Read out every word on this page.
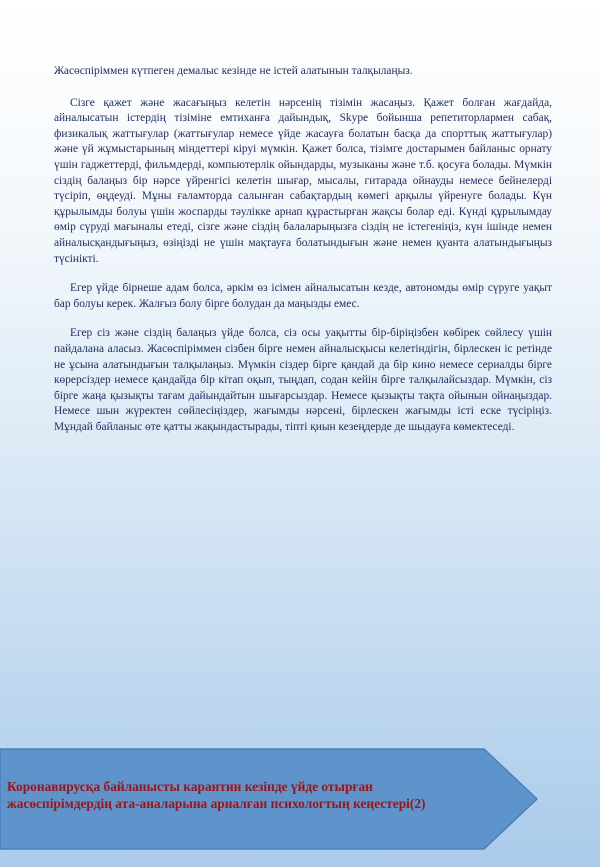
Жасөспіріммен күтпеген демалыс кезінде не істей алатынын талқылаңыз.

Сізге қажет және жасағыңыз келетін нәрсенің тізімін жасаңыз. Қажет болған жағдайда, айналысатын істердің тізіміне емтиханға дайындық, Skype бойынша репетиторлармен сабақ, физикалық жаттығулар (жаттығулар немесе үйде жасауға болатын басқа да спорттық жаттығулар) және үй жұмыстарының міндеттері кіруі мүмкін. Қажет болса, тізімге достарымен байланыс орнату үшін гаджеттерді, фильмдерді, компьютерлік ойындарды, музыканы және т.б. қосуға болады. Мүмкін сіздің балаңыз бір нәрсе үйренгісі келетін шығар, мысалы, гитарада ойнауды немесе бейнелерді түсіріп, өңдеуді. Мұны ғаламторда салынған сабақтардың көмегі арқылы үйренуге болады. Күн құрылымды болуы үшін жоспарды тәулікке арнап құрастырған жақсы болар еді. Күнді құрылымдау өмір сүруді мағыналы етеді, сізге және сіздің балаларыңызға сіздің не істегеніңіз, күн ішінде немен айналысқандығыңыз, өзіңізді не үшін мақтауға болатындығын және немен қуанта алатындығыңыз түсінікті.

Егер үйде бірнеше адам болса, әркім өз ісімен айналысатын кезде, автономды өмір сүруге уақыт бар болуы керек. Жалғыз болу бірге болудан да маңызды емес.

Егер сіз және сіздің балаңыз үйде болса, сіз осы уақытты бір-біріңізбен көбірек сөйлесу үшін пайдалана аласыз. Жасөспіріммен сізбен бірге немен айналысқысы келетіндігін, бірлескен іс ретінде не ұсына алатындығын талқылаңыз. Мүмкін сіздер бірге қандай да бір кино немесе сериалды бірге көрерсіздер немесе қандайда бір кітап оқып, тыңдап, содан кейін бірге талқылайсыздар. Мүмкін, сіз бірге жаңа қызықты тағам дайындайтын шығарсыздар. Немесе қызықты тақта ойынын ойнаңыздар. Немесе шын жүректен сөйлесіңіздер, жағымды нәрсені, бірлескен жағымды істі еске түсіріңіз. Мұндай байланыс өте қатты жақындастырады, тіпті қиын кезеңдерде де шыдауға көмектеседі.

Коронавирусқа байланысты карантин кезінде үйде отырған жасөспірімдердің ата-аналарына арналған психологтың кеңестері(2)
